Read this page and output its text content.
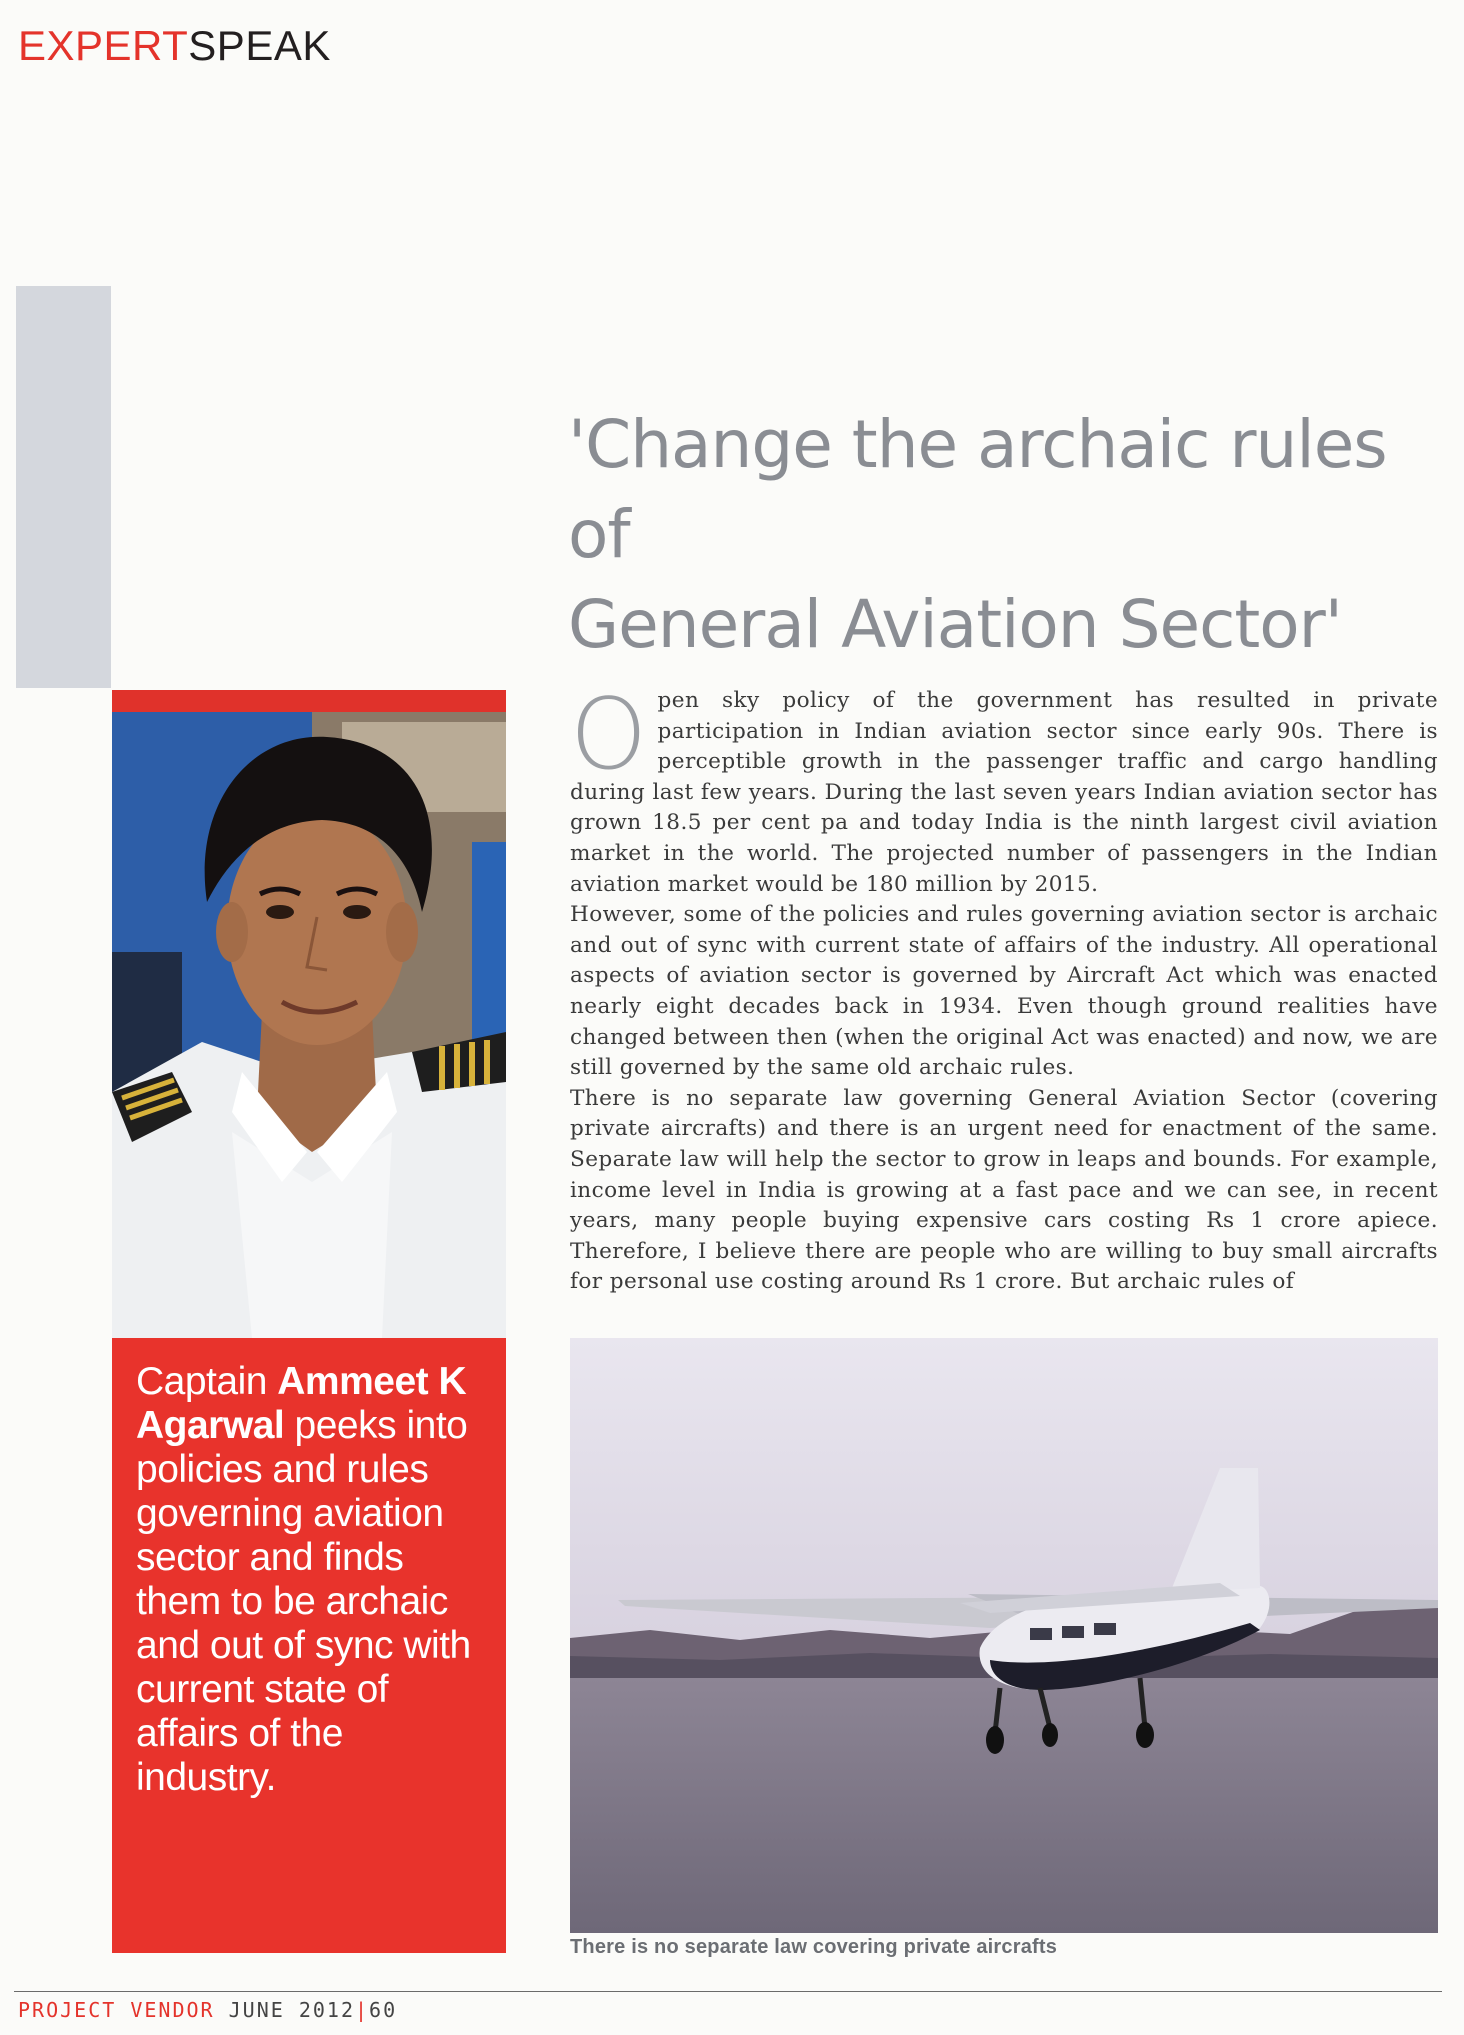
EXPERTSPEAK
'Change the archaic rules of
General Aviation Sector'
Captain Ammeet K Agarwal peeks into policies and rules governing aviation sector and finds them to be archaic and out of sync with current state of affairs of the industry.
O pen sky policy of the government has resulted in private participation in Indian aviation sector since early 90s. There is perceptible growth in the passenger traffic and cargo handling during last few years. During the last seven years Indian aviation sector has grown 18.5 per cent pa and today India is the ninth largest civil aviation market in the world. The projected number of passengers in the Indian aviation market would be 180 million by 2015.

However, some of the policies and rules governing aviation sector is archaic and out of sync with current state of affairs of the industry. All operational aspects of aviation sector is governed by Aircraft Act which was enacted nearly eight decades back in 1934. Even though ground realities have changed between then (when the original Act was enacted) and now, we are still governed by the same old archaic rules.

There is no separate law governing General Aviation Sector (covering private aircrafts) and there is an urgent need for enactment of the same. Separate law will help the sector to grow in leaps and bounds. For example, income level in India is growing at a fast pace and we can see, in recent years, many people buying expensive cars costing Rs 1 crore apiece. Therefore, I believe there are people who are willing to buy small aircrafts for personal use costing around Rs 1 crore. But archaic rules of

There is no separate law covering private aircrafts
PROJECT VENDOR JUNE 2012|60
